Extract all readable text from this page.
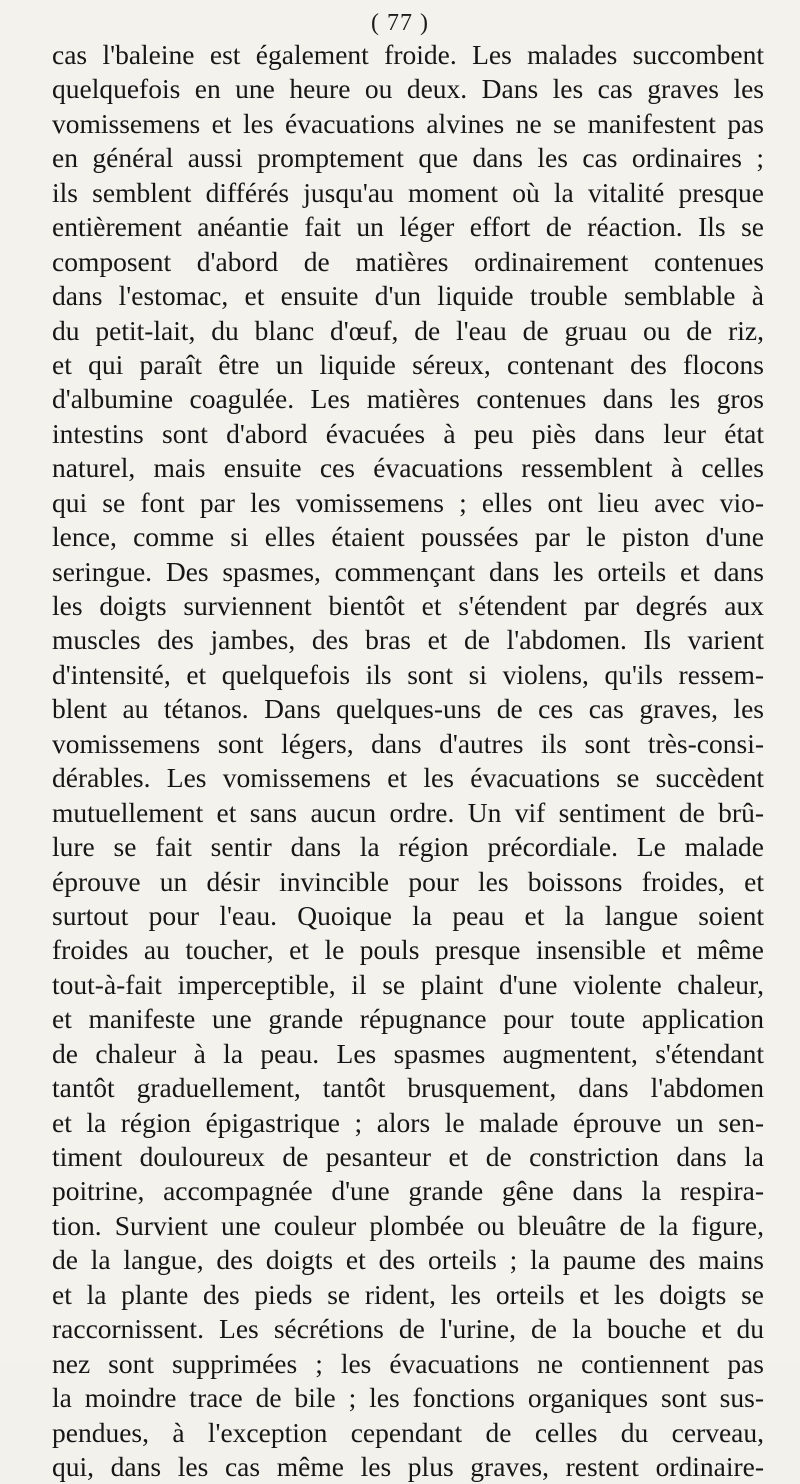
( 77 )
cas l'baleine est également froide. Les malades succombent
quelquefois en une heure ou deux. Dans les cas graves les
vomissemens et les évacuations alvines ne se manifestent pas
en général aussi promptement que dans les cas ordinaires ;
ils semblent différés jusqu'au moment où la vitalité presque
entièrement anéantie fait un léger effort de réaction. Ils se
composent d'abord de matières ordinairement contenues
dans l'estomac, et ensuite d'un liquide trouble semblable à
du petit-lait, du blanc d'œuf, de l'eau de gruau ou de riz,
et qui paraît être un liquide séreux, contenant des flocons
d'albumine coagulée. Les matières contenues dans les gros
intestins sont d'abord évacuées à peu piès dans leur état
naturel, mais ensuite ces évacuations ressemblent à celles
qui se font par les vomissemens ; elles ont lieu avec vio-
lence, comme si elles étaient poussées par le piston d'une
seringue. Des spasmes, commençant dans les orteils et dans
les doigts surviennent bientôt et s'étendent par degrés aux
muscles des jambes, des bras et de l'abdomen. Ils varient
d'intensité, et quelquefois ils sont si violens, qu'ils ressem-
blent au tétanos. Dans quelques-uns de ces cas graves, les
vomissemens sont légers, dans d'autres ils sont très-consi-
dérables. Les vomissemens et les évacuations se succèdent
mutuellement et sans aucun ordre. Un vif sentiment de brû-
lure se fait sentir dans la région précordiale. Le malade
éprouve un désir invincible pour les boissons froides, et
surtout pour l'eau. Quoique la peau et la langue soient
froides au toucher, et le pouls presque insensible et même
tout-à-fait imperceptible, il se plaint d'une violente chaleur,
et manifeste une grande répugnance pour toute application
de chaleur à la peau. Les spasmes augmentent, s'étendant
tantôt graduellement, tantôt brusquement, dans l'abdomen
et la région épigastrique ; alors le malade éprouve un sen-
timent douloureux de pesanteur et de constriction dans la
poitrine, accompagnée d'une grande gêne dans la respira-
tion. Survient une couleur plombée ou bleuâtre de la figure,
de la langue, des doigts et des orteils ; la paume des mains
et la plante des pieds se rident, les orteils et les doigts se
raccornissent. Les sécrétions de l'urine, de la bouche et du
nez sont supprimées ; les évacuations ne contiennent pas
la moindre trace de bile ; les fonctions organiques sont sus-
pendues, à l'exception cependant de celles du cerveau,
qui, dans les cas même les plus graves, restent ordinaire-
